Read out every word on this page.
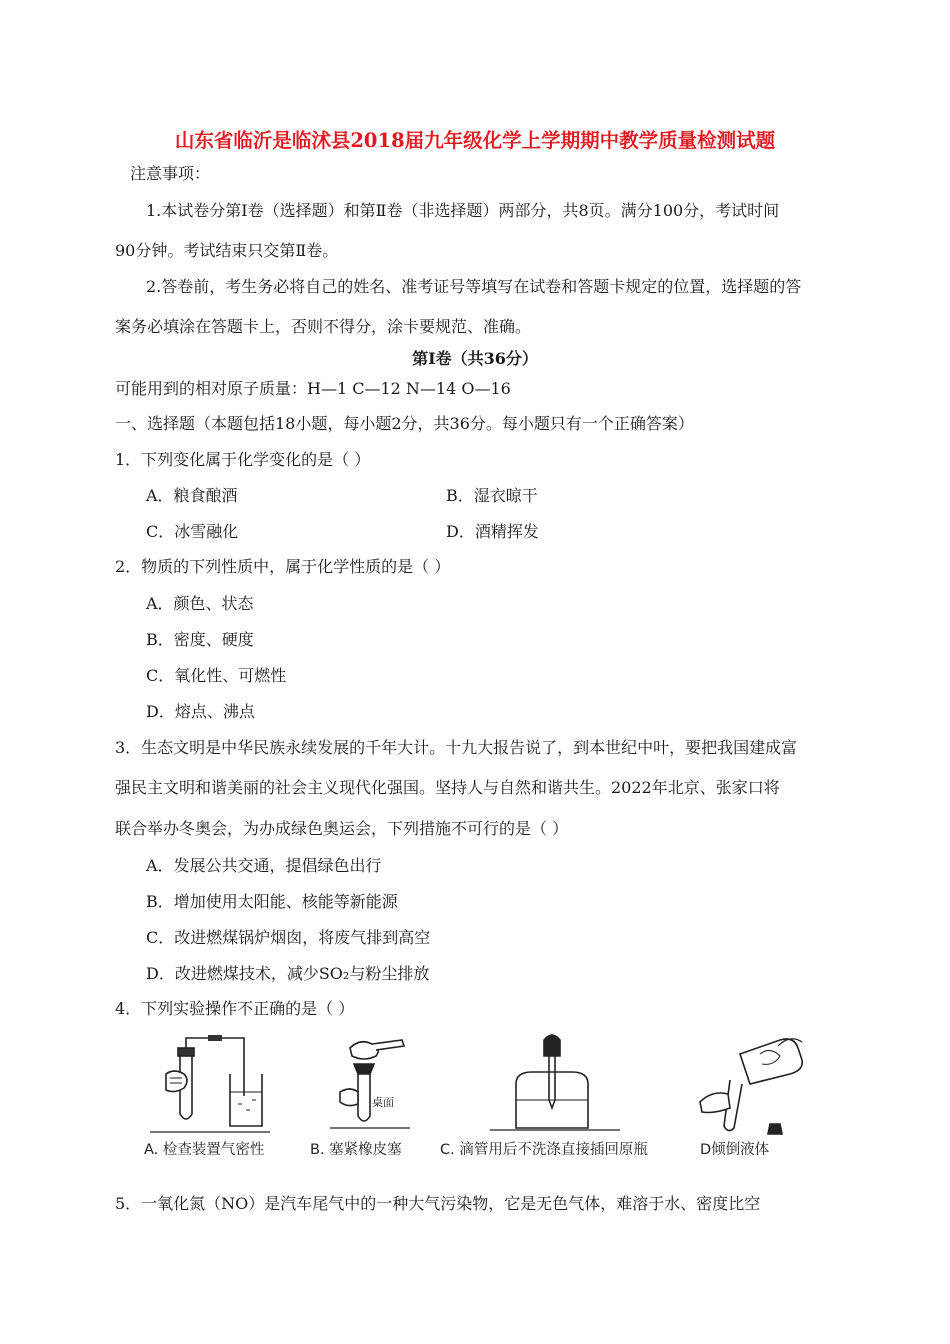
山东省临沂是临沭县2018届九年级化学上学期期中教学质量检测试题
注意事项：
1.本试卷分第Ⅰ卷（选择题）和第Ⅱ卷（非选择题）两部分，共8页。满分100分，考试时间
90分钟。考试结束只交第Ⅱ卷。
2.答卷前，考生务必将自己的姓名、准考证号等填写在试卷和答题卡规定的位置，选择题的答
案务必填涂在答题卡上，否则不得分，涂卡要规范、准确。
第Ⅰ卷（共36分）
可能用到的相对原子质量：H—1 C—12 N—14 O—16
一、选择题（本题包括18小题，每小题2分，共36分。每小题只有一个正确答案）
1．下列变化属于化学变化的是（ ）
A．粮食酿酒	B．湿衣晾干
C．冰雪融化	D．酒精挥发
2．物质的下列性质中，属于化学性质的是（ ）
A．颜色、状态
B．密度、硬度
C．氧化性、可燃性
D．熔点、沸点
3．生态文明是中华民族永续发展的千年大计。十九大报告说了，到本世纪中叶，要把我国建成富
强民主文明和谐美丽的社会主义现代化强国。坚持人与自然和谐共生。2022年北京、张家口将
联合举办冬奥会，为办成绿色奥运会，下列措施不可行的是（ ）
A．发展公共交通，提倡绿色出行
B．增加使用太阳能、核能等新能源
C．改进燃煤锅炉烟囱，将废气排到高空
D．改进燃煤技术，减少SO₂与粉尘排放
4．下列实验操作不正确的是（ ）
A. 检查装置气密性
桌面
B. 塞紧橡皮塞	C. 滴管用后不洗涤直接插回原瓶	D倾倒液体
5．一氧化氮（NO）是汽车尾气中的一种大气污染物，它是无色气体，难溶于水、密度比空
